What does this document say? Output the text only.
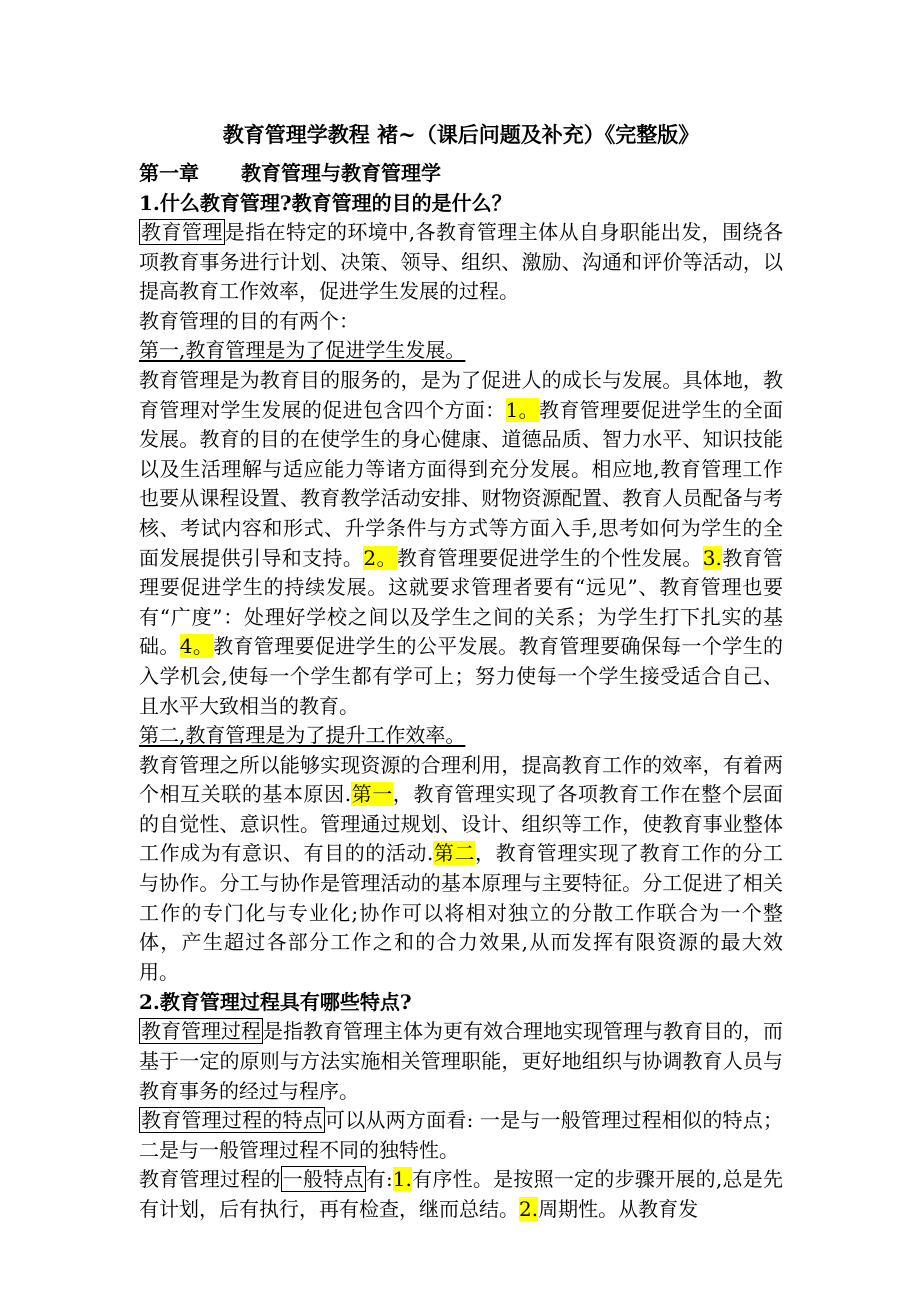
教育管理学教程 褚~（课后问题及补充）《完整版》
第一章 教育管理与教育管理学
1.什么教育管理?教育管理的目的是什么？

教育管理 是指在特定的环境中,各教育管理主体从自身职能出发，围绕各项教育事务进行计划、决策、领导、组织、激励、沟通和评价等活动，以提高教育工作效率，促进学生发展的过程。

教育管理的目的有两个：

第一,教育管理是为了促进学生发展。

教育管理是为教育目的服务的，是为了促进人的成长与发展。具体地，教育管理对学生发展的促进包含四个方面：1。教育管理要促进学生的全面发展。教育的目的在使学生的身心健康、道德品质、智力水平、知识技能以及生活理解与适应能力等诸方面得到充分发展。相应地,教育管理工作也要从课程设置、教育教学活动安排、财物资源配置、教育人员配备与考核、考试内容和形式、升学条件与方式等方面入手,思考如何为学生的全面发展提供引导和支持。2。教育管理要促进学生的个性发展。3.教育管理要促进学生的持续发展。这就要求管理者要有“远见”、教育管理也要有“广度”：处理好学校之间以及学生之间的关系；为学生打下扎实的基础。4。教育管理要促进学生的公平发展。教育管理要确保每一个学生的入学机会,使每一个学生都有学可上；努力使每一个学生接受适合自己、且水平大致相当的教育。

第二,教育管理是为了提升工作效率。

教育管理之所以能够实现资源的合理利用，提高教育工作的效率，有着两个相互关联的基本原因.第一，教育管理实现了各项教育工作在整个层面的自觉性、意识性。管理通过规划、设计、组织等工作，使教育事业整体工作成为有意识、有目的的活动.第二，教育管理实现了教育工作的分工与协作。分工与协作是管理活动的基本原理与主要特征。分工促进了相关工作的专门化与专业化;协作可以将相对独立的分散工作联合为一个整体，产生超过各部分工作之和的合力效果,从而发挥有限资源的最大效用。

2.教育管理过程具有哪些特点?

教育管理过程 是指教育管理主体为更有效合理地实现管理与教育目的，而基于一定的原则与方法实施相关管理职能，更好地组织与协调教育人员与教育事务的经过与程序。

教育管理过程的特点 可以从两方面看: 一是与一般管理过程相似的特点；二是与一般管理过程不同的独特性。

教育管理过程的 一般特点 有:1.有序性。是按照一定的步骤开展的,总是先有计划，后有执行，再有检查，继而总结。2.周期性。从教育发
